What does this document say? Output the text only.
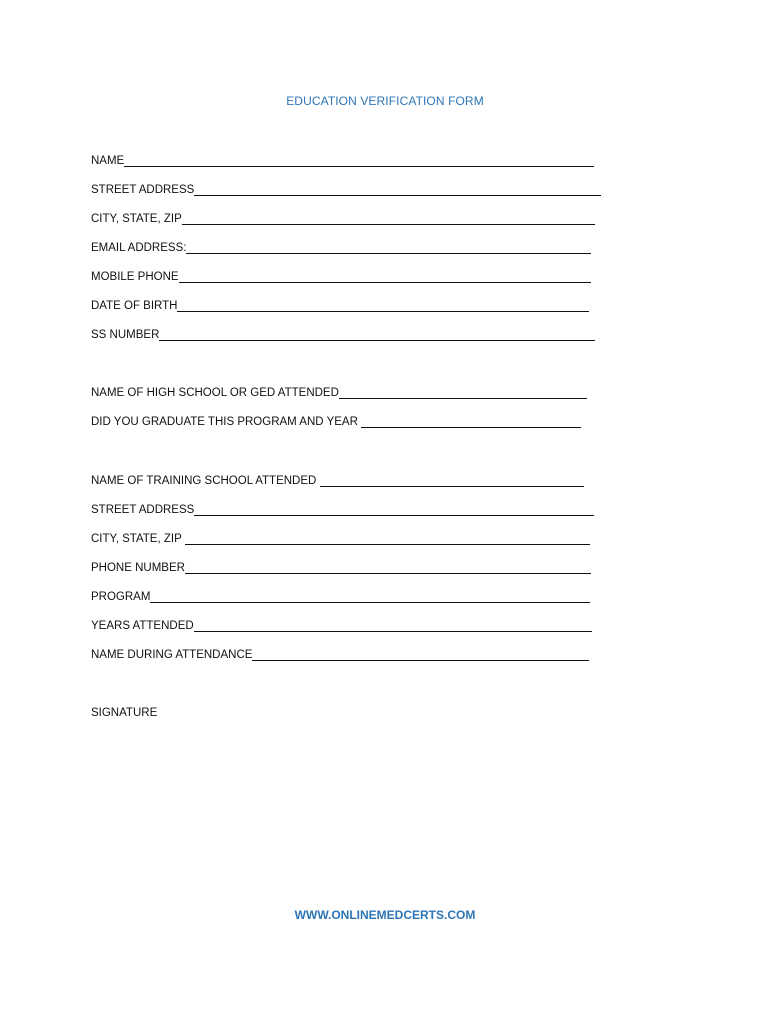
EDUCATION VERIFICATION FORM
NAME
STREET ADDRESS
CITY, STATE, ZIP
EMAIL ADDRESS:
MOBILE PHONE
DATE OF BIRTH
SS NUMBER
NAME OF HIGH SCHOOL OR GED ATTENDED
DID YOU GRADUATE THIS PROGRAM AND YEAR
NAME OF TRAINING SCHOOL ATTENDED
STREET ADDRESS
CITY, STATE, ZIP
PHONE NUMBER
PROGRAM
YEARS ATTENDED
NAME DURING ATTENDANCE
SIGNATURE
WWW.ONLINEMEDCERTS.COM
